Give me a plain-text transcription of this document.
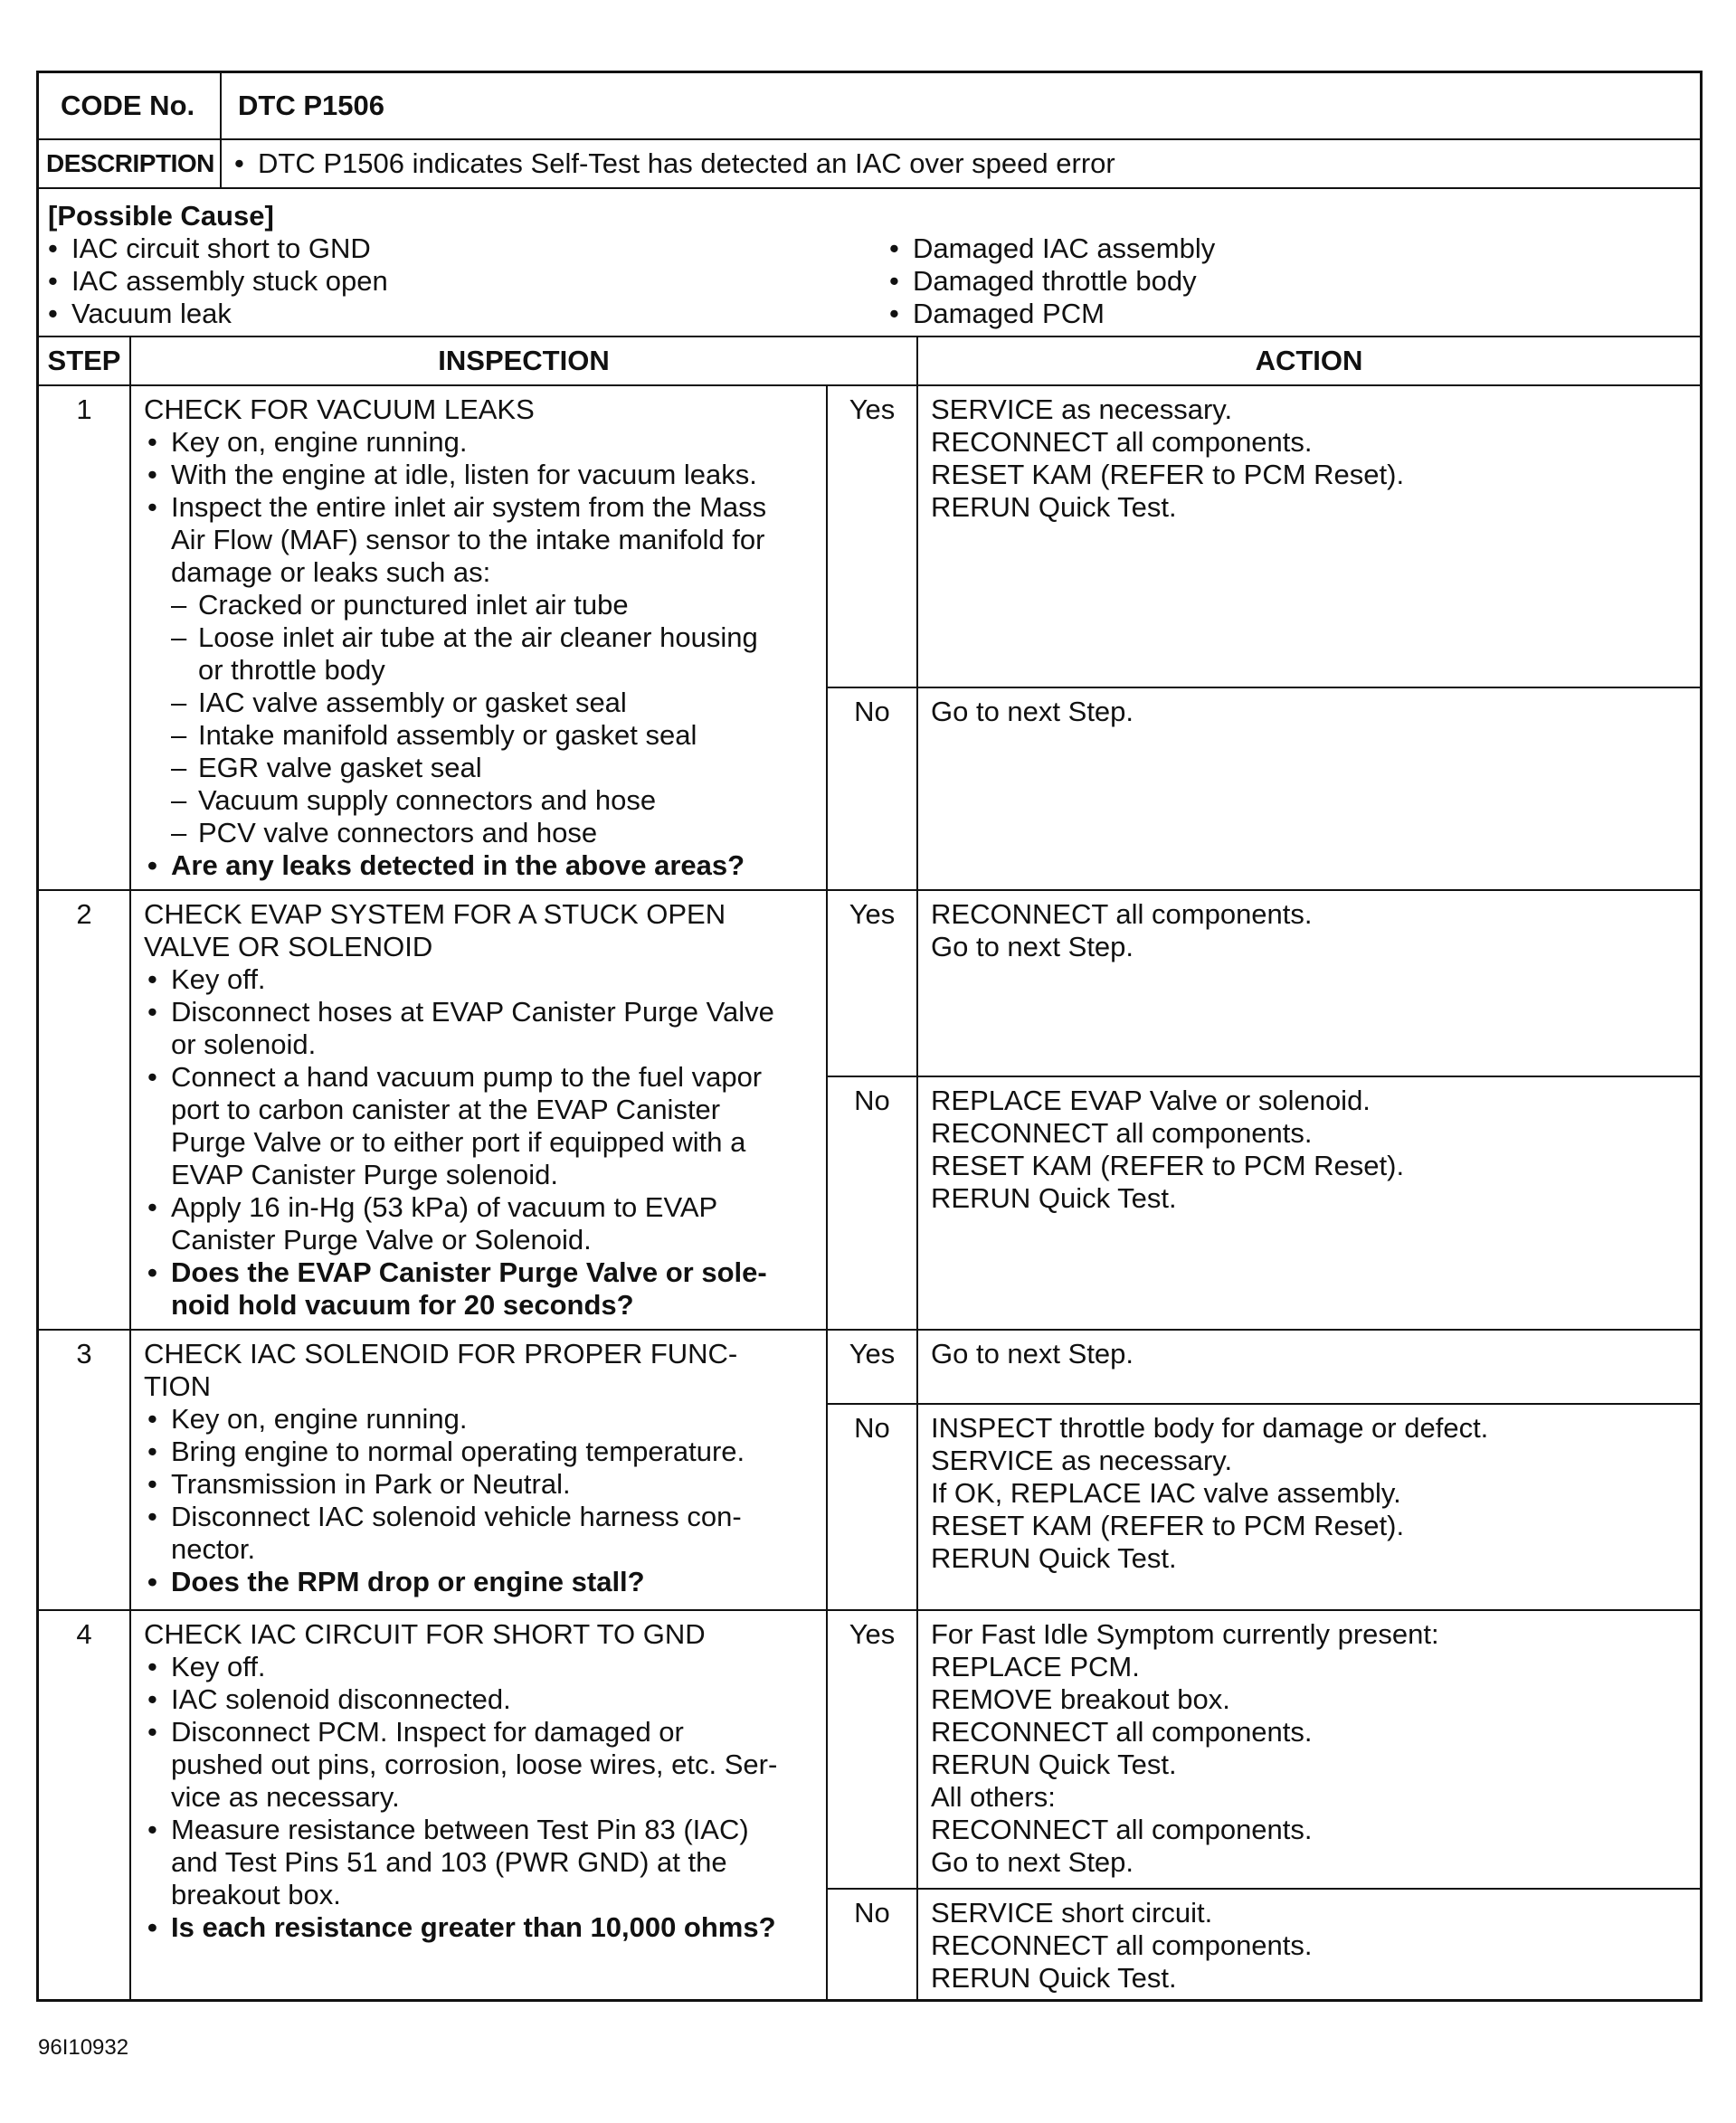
CODE No. DTC P1506
DESCRIPTION
•	DTC P1506 indicates Self-Test has detected an IAC over speed error
[Possible Cause]
• IAC circuit short to GND
• IAC assembly stuck open
• Vacuum leak
• Damaged IAC assembly
• Damaged throttle body
• Damaged PCM
STEP	INSPECTION	ACTION
1	CHECK FOR VACUUM LEAKS
• Key on, engine running.
• With the engine at idle, listen for vacuum leaks.
• Inspect the entire inlet air system from the Mass
Air Flow (MAF) sensor to the intake manifold for
damage or leaks such as:
– Cracked or punctured inlet air tube
– Loose inlet air tube at the air cleaner housing
or throttle body
– IAC valve assembly or gasket seal
– Intake manifold assembly or gasket seal
– EGR valve gasket seal
– Vacuum supply connectors and hose
– PCV valve connectors and hose
• Are any leaks detected in the above areas?
Yes
No
SERVICE as necessary.
RECONNECT all components.
RESET KAM (REFER to PCM Reset).
RERUN Quick Test.
Go to next Step.
2	CHECK EVAP SYSTEM FOR A STUCK OPEN
VALVE OR SOLENOID
• Key off.
• Disconnect hoses at EVAP Canister Purge Valve
or solenoid.
• Connect a hand vacuum pump to the fuel vapor
port to carbon canister at the EVAP Canister
Purge Valve or to either port if equipped with a
EVAP Canister Purge solenoid.
• Apply 16 in-Hg (53 kPa) of vacuum to EVAP
Canister Purge Valve or Solenoid.
• Does the EVAP Canister Purge Valve or sole-
noid hold vacuum for 20 seconds?
Yes
No
RECONNECT all components.
Go to next Step.
REPLACE EVAP Valve or solenoid.
RECONNECT all components.
RESET KAM (REFER to PCM Reset).
RERUN Quick Test.
3	CHECK IAC SOLENOID FOR PROPER FUNC-
TION
• Key on, engine running.
• Bring engine to normal operating temperature.
• Transmission in Park or Neutral.
• Disconnect IAC solenoid vehicle harness con-
nector.
• Does the RPM drop or engine stall?
Yes
No
Go to next Step.
INSPECT throttle body for damage or defect.
SERVICE as necessary.
If OK, REPLACE IAC valve assembly.
RESET KAM (REFER to PCM Reset).
RERUN Quick Test.
4	CHECK IAC CIRCUIT FOR SHORT TO GND
• Key off.
• IAC solenoid disconnected.
• Disconnect PCM. Inspect for damaged or
pushed out pins, corrosion, loose wires, etc. Ser-
vice as necessary.
• Measure resistance between Test Pin 83 (IAC)
and Test Pins 51 and 103 (PWR GND) at the
breakout box.
• Is each resistance greater than 10,000 ohms?
Yes
No
For Fast Idle Symptom currently present:
REPLACE PCM.
REMOVE breakout box.
RECONNECT all components.
RERUN Quick Test.
All others:
RECONNECT all components.
Go to next Step.
SERVICE short circuit.
RECONNECT all components.
RERUN Quick Test.
96I10932
